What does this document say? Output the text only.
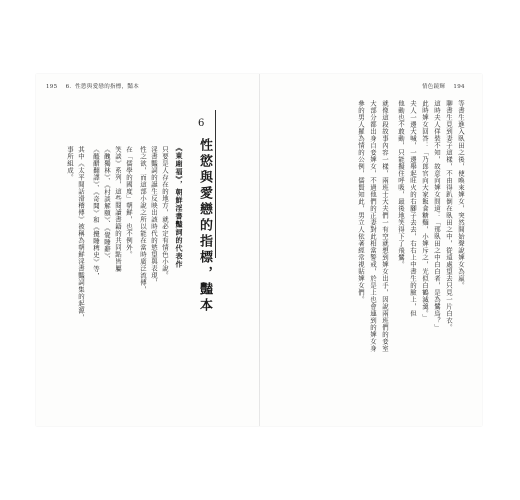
195 6．性慾與愛戀的指標，豔本	情色鏡輝 194
6
性慾與愛戀的指標，豔本
《東廂福》，朝鮮淫書豔詞的代表作
只要是人存在的地方，就必定有情色小說。
淫書豔詞的誕生反映出該時代的慾望與表現，
性之欲，而這部小說之所以能在當時廣泛流傳，
在「儒學的國度」朝鮮，也不例外。
笑談》系列，這些閱讀書籍的共同點皆屬
《醜獨林》、《村談解頤》、《覺睡辭》、
《醯醋翻譯》、《奇聞》和《攪睡稗史》等，
其中《太平閒話滑稽傳》被稱為朝鮮淫書豔詞集的起源，
事所組成。	等書生進入臥田之後，使喚來婢女，突然開始聲說婢女為羸。
聊書生見到妻子這樣，不由得趴倒在臥田之中，從遠處望去只見一片白衣。
這時夫人佯裝不知，故意向婢女問道：「那臥田之中白白者，是為鷺鳥？」
此時婢女回答：「乃郎官向大家飯食糖麵，小婢斥之，光似白鶴滅羹。」
夫人一邊大喊，一邊舉起旺火的右腳子去去，右右上中書生的臉上，但
他動也不敢動，只能擬住呼吸，最後地笑得下了飛鷺。
就像這段故事內容一樣，兩班士大夫們一有空就想到婢女出手，因說兩班們的妾室
大部分都出身自妾婢女，不過他們的正妻對此相當警戒，於是上也會連到的婢女身
參的男人羅為情的公例，儒賢知此，男立人依著經常視貼婢女們。
